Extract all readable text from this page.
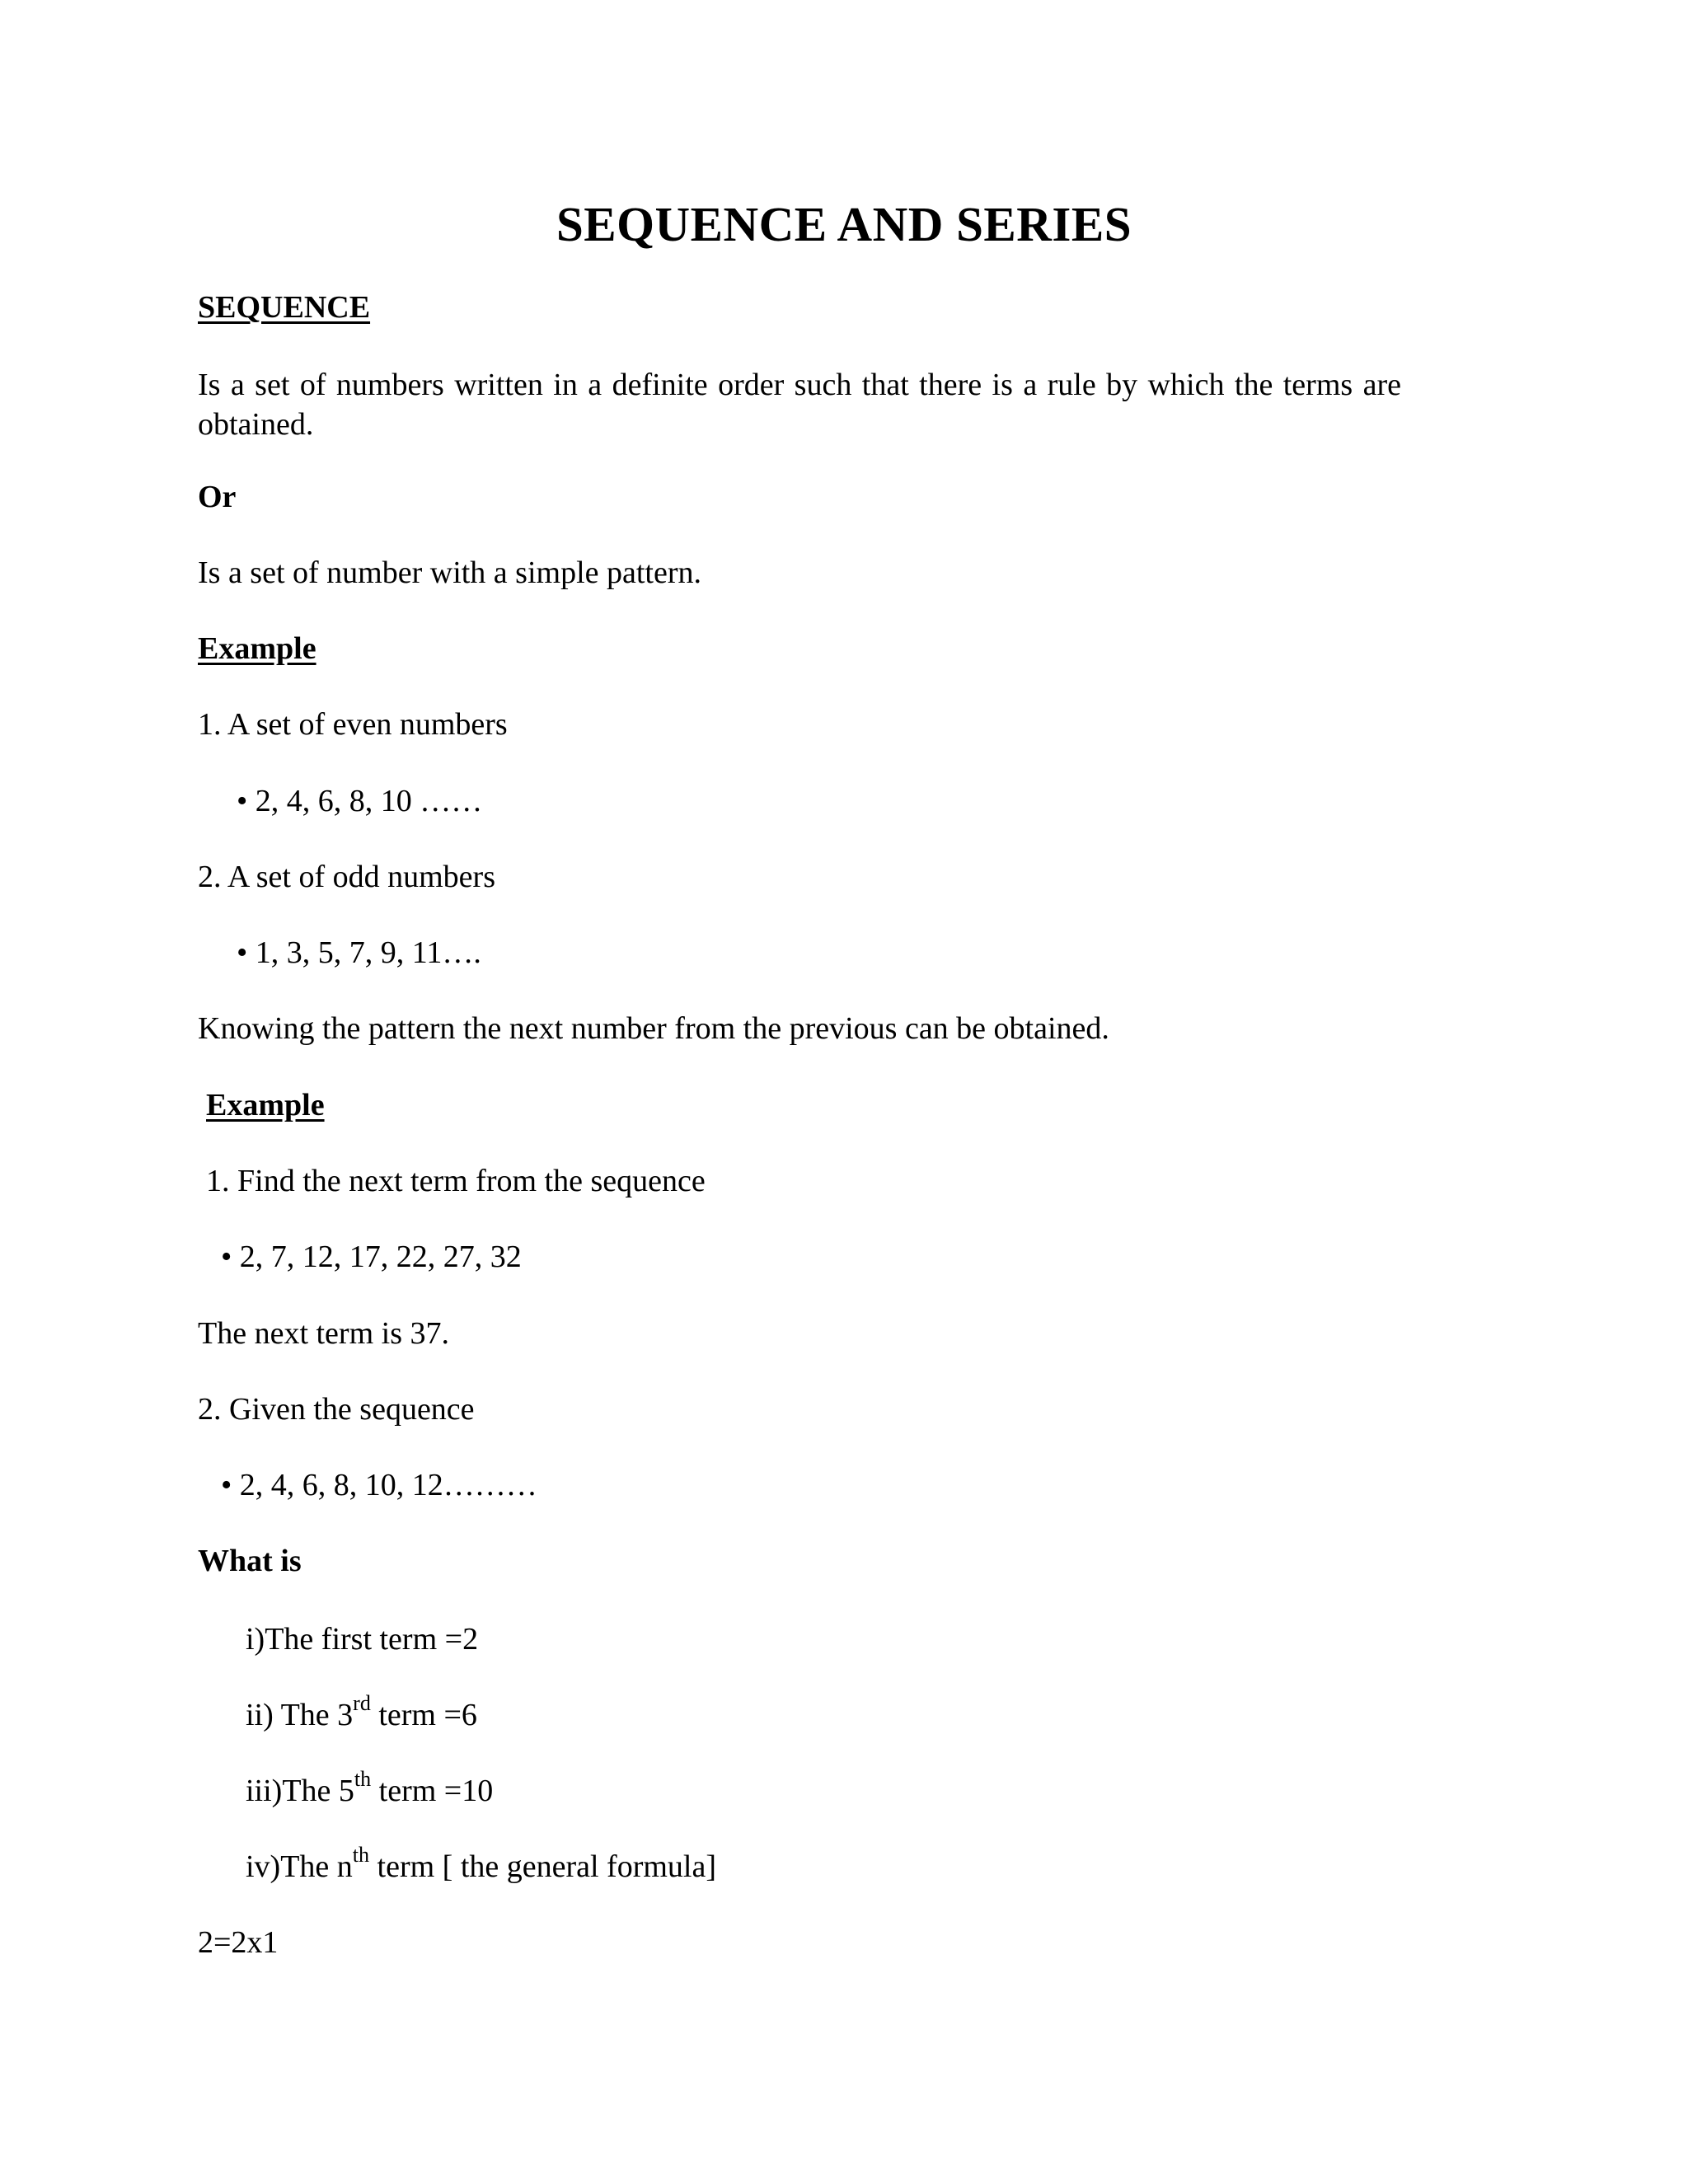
SEQUENCE AND SERIES
SEQUENCE
Is a set of numbers written in a definite order such that there is a rule by which the terms are obtained.
Or
Is a set of number with a simple pattern.
Example
1. A set of even numbers
• 2, 4, 6, 8, 10 ……
2. A set of odd numbers
• 1, 3, 5, 7, 9, 11….
Knowing the pattern the next number from the previous can be obtained.
Example
1. Find the next term from the sequence
• 2, 7, 12, 17, 22, 27, 32
The next term is 37.
2. Given the sequence
• 2, 4, 6, 8, 10, 12………
What is
i)The first term =2
ii) The 3rd term =6
iii)The 5th term =10
iv)The $n^{th}$ term [ the general formula]
2=2x1
